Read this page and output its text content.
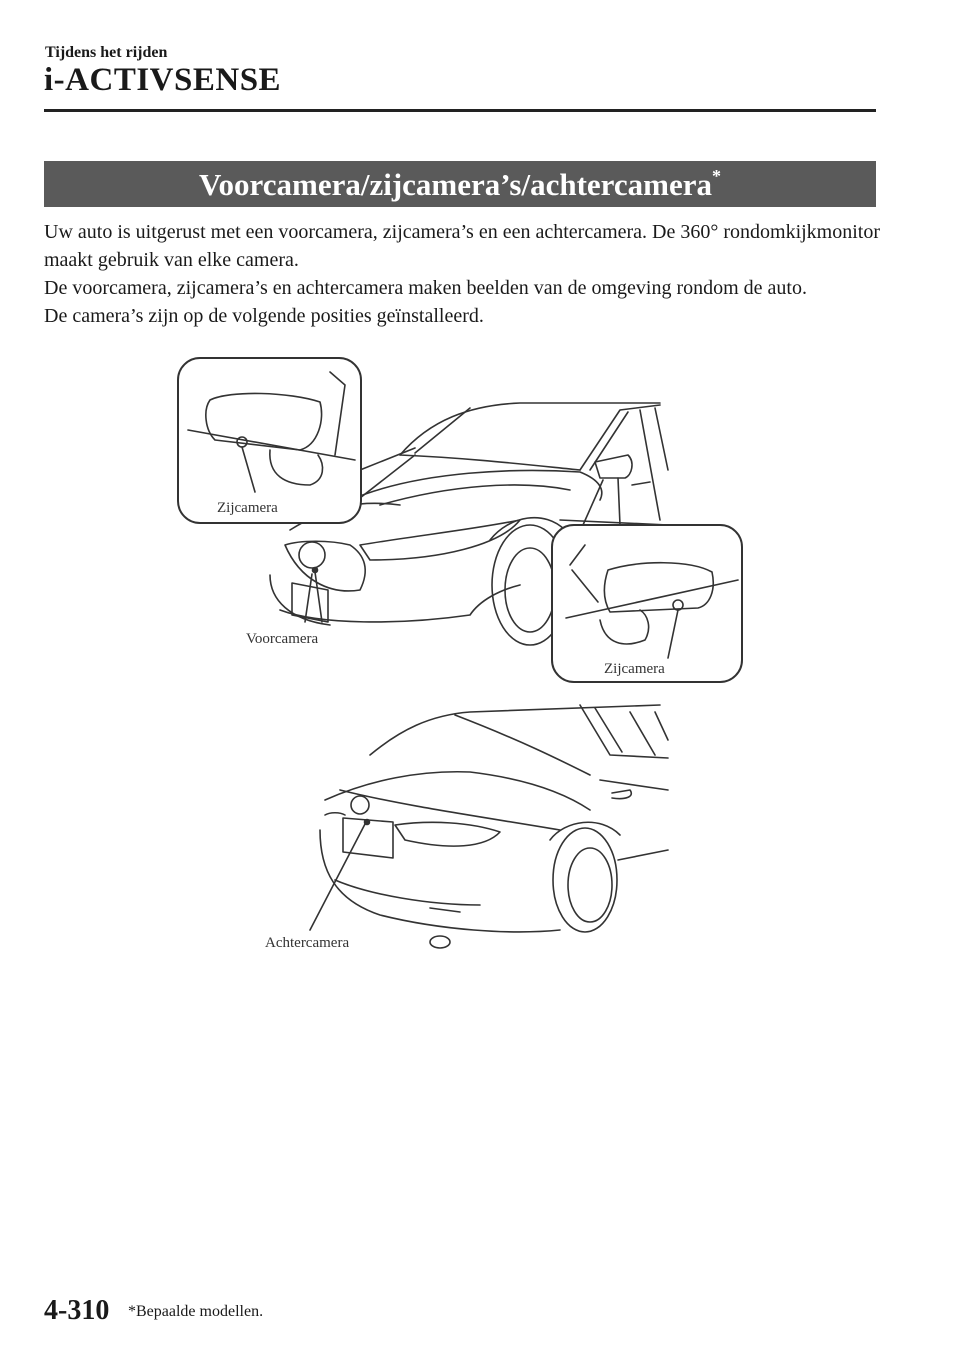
Tijdens het rijden
i-ACTIVSENSE
Voorcamera/zijcamera’s/achtercamera*

Uw auto is uitgerust met een voorcamera, zijcamera’s en een achtercamera. De 360° rondomkijkmonitor maakt gebruik van elke camera.

De voorcamera, zijcamera’s en achtercamera maken beelden van de omgeving rondom de auto.

De camera’s zijn op de volgende posities geïnstalleerd.

Zijcamera
Zijcamera
Voorcamera
Achtercamera
4-310 *Bepaalde modellen.
